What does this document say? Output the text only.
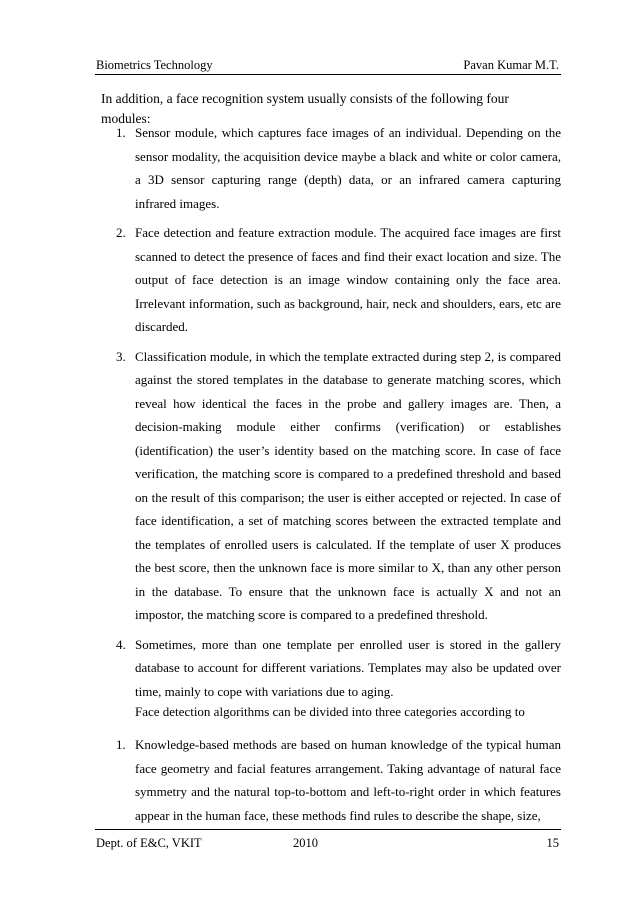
Biometrics Technology	Pavan Kumar M.T.
In addition, a face recognition system usually consists of the following four modules:
1. Sensor module, which captures face images of an individual. Depending on the sensor modality, the acquisition device maybe a black and white or color camera, a 3D sensor capturing range (depth) data, or an infrared camera capturing infrared images.
2. Face detection and feature extraction module. The acquired face images are first scanned to detect the presence of faces and find their exact location and size. The output of face detection is an image window containing only the face area. Irrelevant information, such as background, hair, neck and shoulders, ears, etc are discarded.
3. Classification module, in which the template extracted during step 2, is compared against the stored templates in the database to generate matching scores, which reveal how identical the faces in the probe and gallery images are. Then, a decision-making module either confirms (verification) or establishes (identification) the user’s identity based on the matching score. In case of face verification, the matching score is compared to a predefined threshold and based on the result of this comparison; the user is either accepted or rejected. In case of face identification, a set of matching scores between the extracted template and the templates of enrolled users is calculated. If the template of user X produces the best score, then the unknown face is more similar to X, than any other person in the database. To ensure that the unknown face is actually X and not an impostor, the matching score is compared to a predefined threshold.
4. Sometimes, more than one template per enrolled user is stored in the gallery database to account for different variations. Templates may also be updated over time, mainly to cope with variations due to aging.
Face detection algorithms can be divided into three categories according to
1. Knowledge-based methods are based on human knowledge of the typical human face geometry and facial features arrangement. Taking advantage of natural face symmetry and the natural top-to-bottom and left-to-right order in which features appear in the human face, these methods find rules to describe the shape, size,
Dept. of E&C, VKIT	2010	15
